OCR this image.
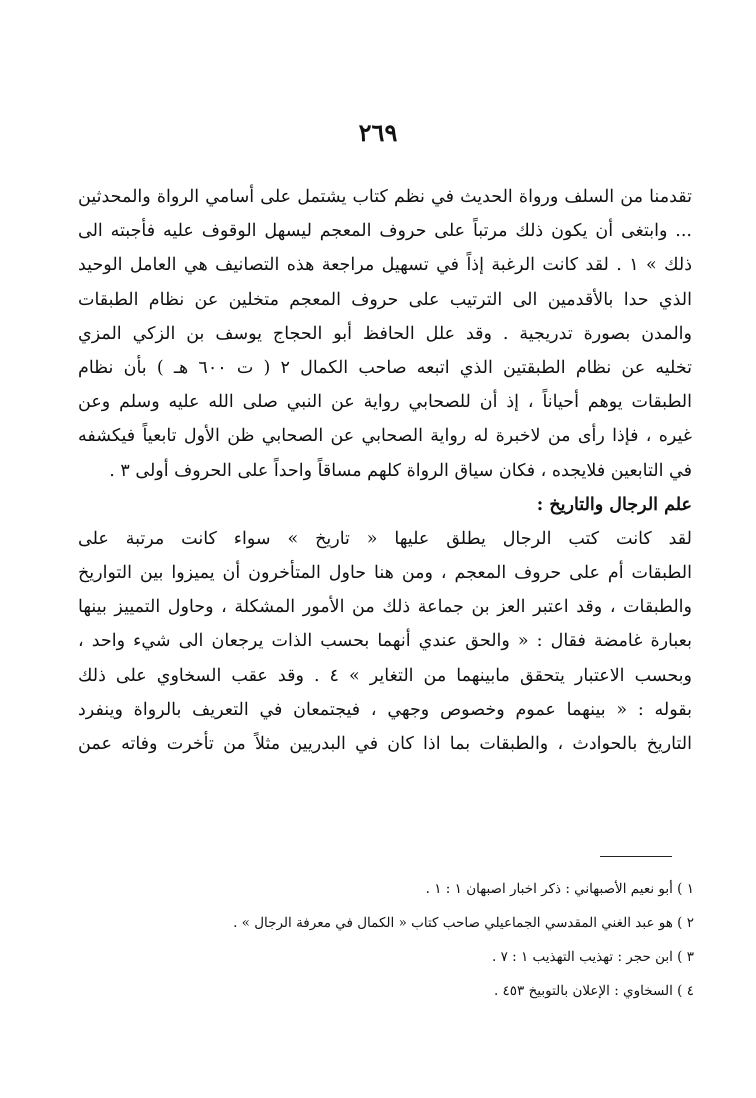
٢٦٩
تقدمنا من السلف ورواة الحديث في نظم كتاب يشتمل على أسامي الرواة والمحدثين
... وابتغى أن يكون ذلك مرتباً على حروف المعجم ليسهل الوقوف عليه فأجبته الى
ذلك » ١ . لقد كانت الرغبة إذاً في تسهيل مراجعة هذه التصانيف هي العامل الوحيد
الذي حدا بالأقدمين الى الترتيب على حروف المعجم متخلين عن نظام الطبقات
والمدن بصورة تدريجية . وقد علل الحافظ أبو الحجاج يوسف بن الزكي المزي
تخليه عن نظام الطبقتين الذي اتبعه صاحب الكمال ٢ ( ت ٦٠٠ هـ ) بأن نظام
الطبقات يوهم أحياناً ، إذ أن للصحابي رواية عن النبي صلى الله عليه وسلم وعن
غيره ، فإذا رأى من لاخبرة له رواية الصحابي عن الصحابي ظن الأول تابعياً فيكشفه
في التابعين فلايجده ، فكان سياق الرواة كلهم مساقاً واحداً على الحروف أولى ٣ .
علم الرجال والتاريخ :
لقد كانت كتب الرجال يطلق عليها « تاريخ » سواء كانت مرتبة على
الطبقات أم على حروف المعجم ، ومن هنا حاول المتأخرون أن يميزوا بين التواريخ
والطبقات ، وقد اعتبر العز بن جماعة ذلك من الأمور المشكلة ، وحاول التمييز بينها
بعبارة غامضة فقال : « والحق عندي أنهما بحسب الذات يرجعان الى شيء واحد ،
وبحسب الاعتبار يتحقق مابينهما من التغاير » ٤ . وقد عقب السخاوي على ذلك
بقوله : « بينهما عموم وخصوص وجهي ، فيجتمعان في التعريف بالرواة وينفرد
التاريخ بالحوادث ، والطبقات بما اذا كان في البدريين مثلاً من تأخرت وفاته عمن
١ ) أبو نعيم الأصبهاني : ذكر اخبار اصبهان ١ : ١ .
٢ ) هو عبد الغني المقدسي الجماعيلي صاحب كتاب « الكمال في معرفة الرجال » .
٣ ) ابن حجر : تهذيب التهذيب ١ : ٧ .
٤ ) السخاوي : الإعلان بالتوبيخ ٤٥٣ .
